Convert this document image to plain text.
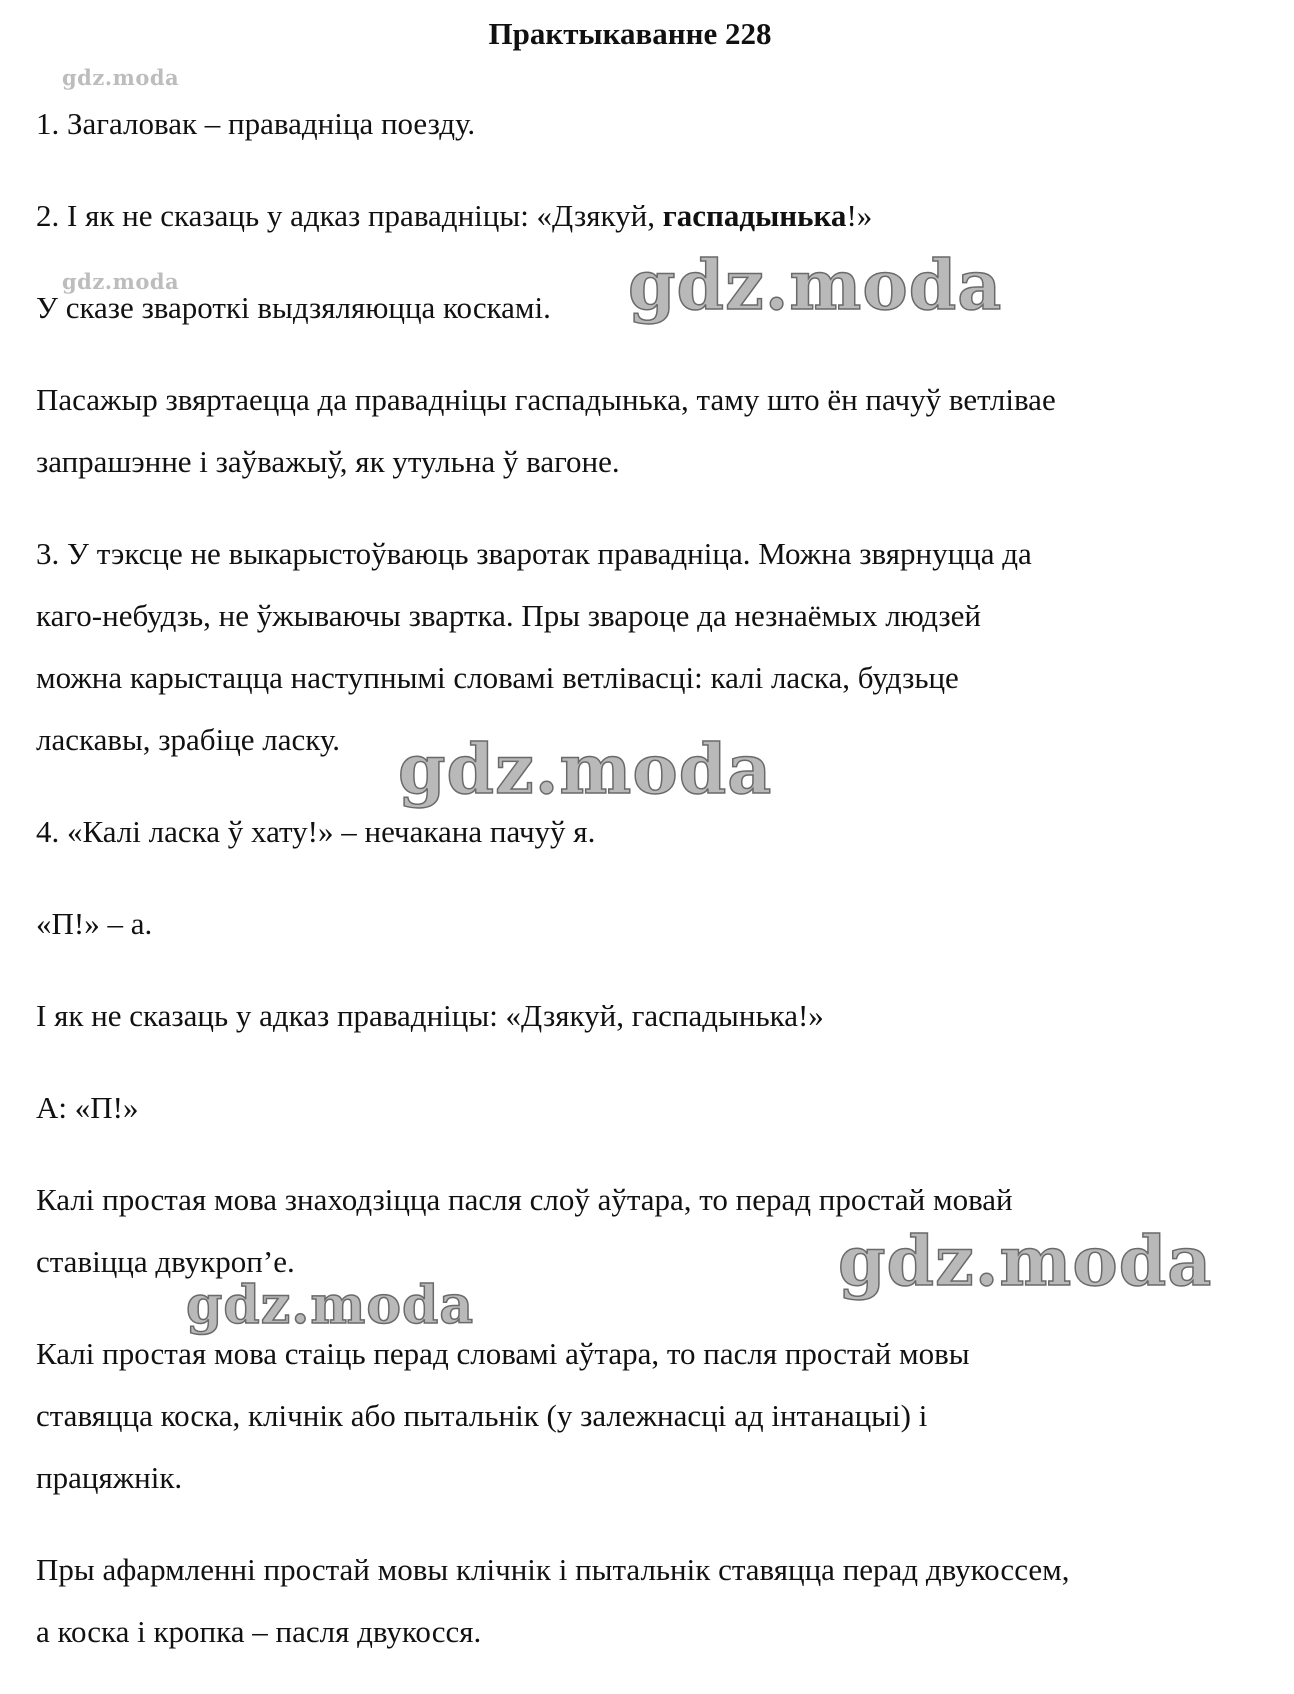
Практыкаванне 228
gdz.moda
gdz.moda
1. Загаловак – правадніца поезду.
2. І як не сказаць у адказ правадніцы: «Дзякуй, гаспадынька!»
У сказе звароткі выдзяляюцца коскамі.
Пасажыр звяртаецца да правадніцы гаспадынька, таму што ён пачуў ветлівае
запрашэнне і заўважыў, як утульна ў вагоне.
3. У тэксце не выкарыстоўваюць зваротак правадніца. Можна звярнуцца да
каго-небудзь, не ўжываючы звартка. Пры звароце да незнаёмых людзей
можна карыстацца наступнымі словамі ветлівасці: калі ласка, будзьце
ласкавы, зрабіце ласку.
4. «Калі ласка ў хату!» – нечакана пачуў я.
«П!» – а.
І як не сказаць у адказ правадніцы: «Дзякуй, гаспадынька!»
А: «П!»
Калі простая мова знаходзіцца пасля слоў аўтара, то перад простай мовай
ставіцца двукроп’е.
Калі простая мова стаіць перад словамі аўтара, то пасля простай мовы
ставяцца коска, клічнік або пытальнік (у залежнасці ад інтанацыі) і
працяжнік.
Пры афармленні простай мовы клічнік і пытальнік ставяцца перад двукоссем,
а коска і кропка – пасля двукосся.
gdz.moda
gdz.moda
gdz.moda
gdz.moda
